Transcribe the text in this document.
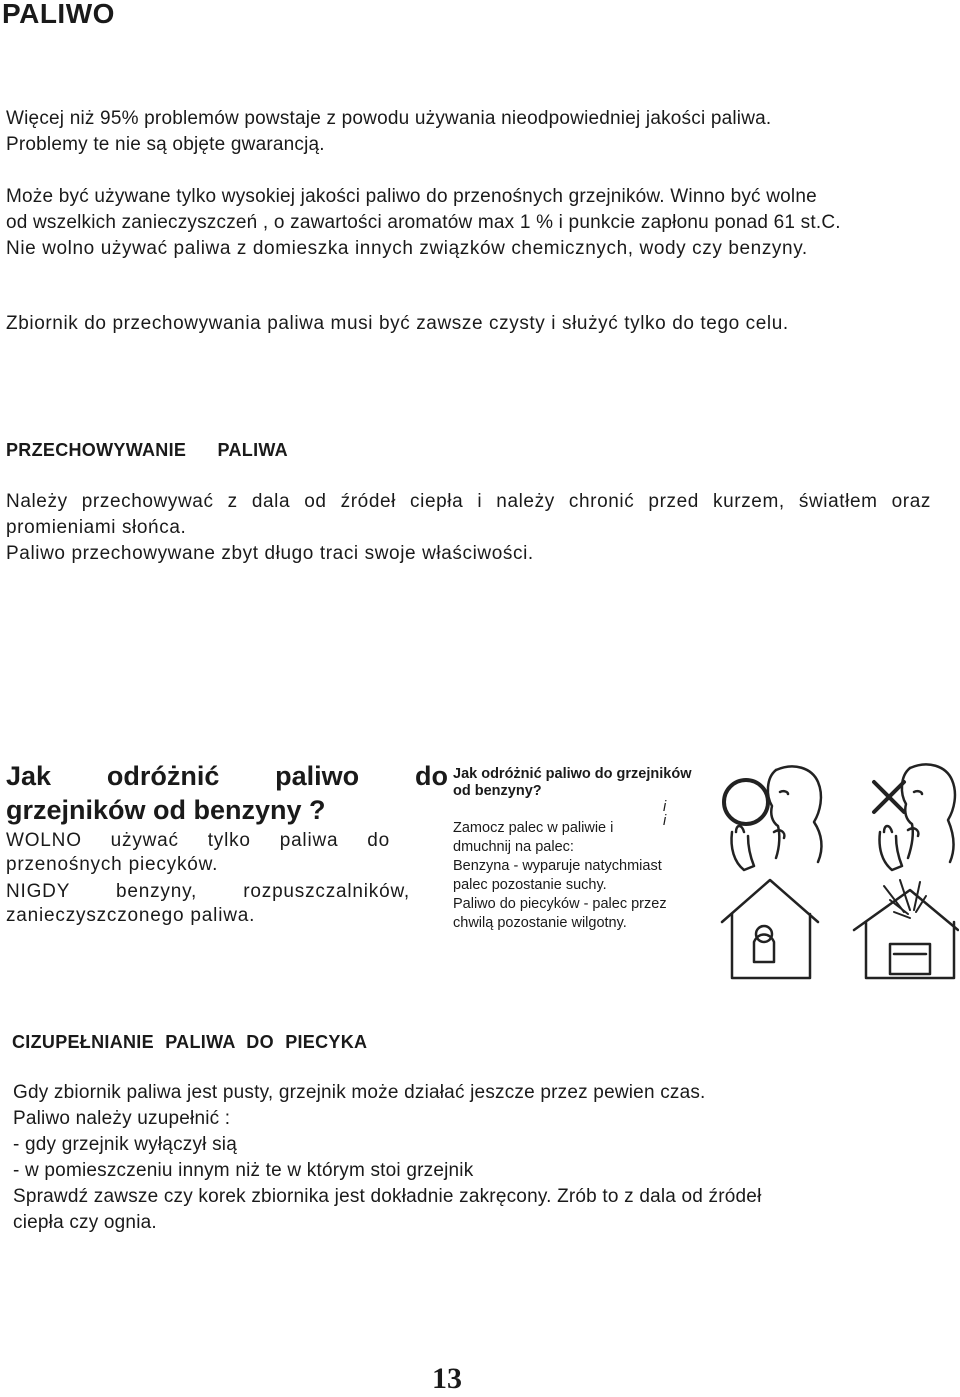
PALIWO
Więcej niż 95% problemów powstaje z powodu używania nieodpowiedniej jakości paliwa.
Problemy te nie są objęte gwarancją.
Może być używane tylko wysokiej jakości paliwo do przenośnych grzejników. Winno być wolne
od wszelkich zanieczyszczeń , o zawartości aromatów max 1 % i punkcie zapłonu ponad 61 st.C.
Nie wolno używać paliwa z domieszka innych związków chemicznych, wody czy benzyny.
Zbiornik do przechowywania paliwa musi być zawsze czysty i służyć tylko do tego celu.
PRZECHOWYWANIE PALIWA
Należy przechowywać z dala od źródeł ciepła i należy chronić przed kurzem, światłem oraz
promieniami słońca.
Paliwo przechowywane zbyt długo traci swoje właściwości.
Jak odróżnić paliwo do
grzejników od benzyny ?
WOLNO używać tylko paliwa do
przenośnych piecyków.
NIGDY benzyny, rozpuszczalników,
zanieczyszczonego paliwa.
Jak odróżnić paliwo do grzejników
od benzyny?
Zamocz palec w paliwie i
dmuchnij na palec:
Benzyna - wyparuje natychmiast
palec pozostanie suchy.
Paliwo do piecyków - palec przez
chwilą pozostanie wilgotny.
i
i
CIZUPEŁNIANIE PALIWA DO PIECYKA
Gdy zbiornik paliwa jest pusty, grzejnik może działać jeszcze przez pewien czas.
Paliwo należy uzupełnić :
- gdy grzejnik wyłączył sią
- w pomieszczeniu innym niż te w którym stoi grzejnik
Sprawdź zawsze czy korek zbiornika jest dokładnie zakręcony. Zrób to z dala od źródeł
ciepła czy ognia.
13
